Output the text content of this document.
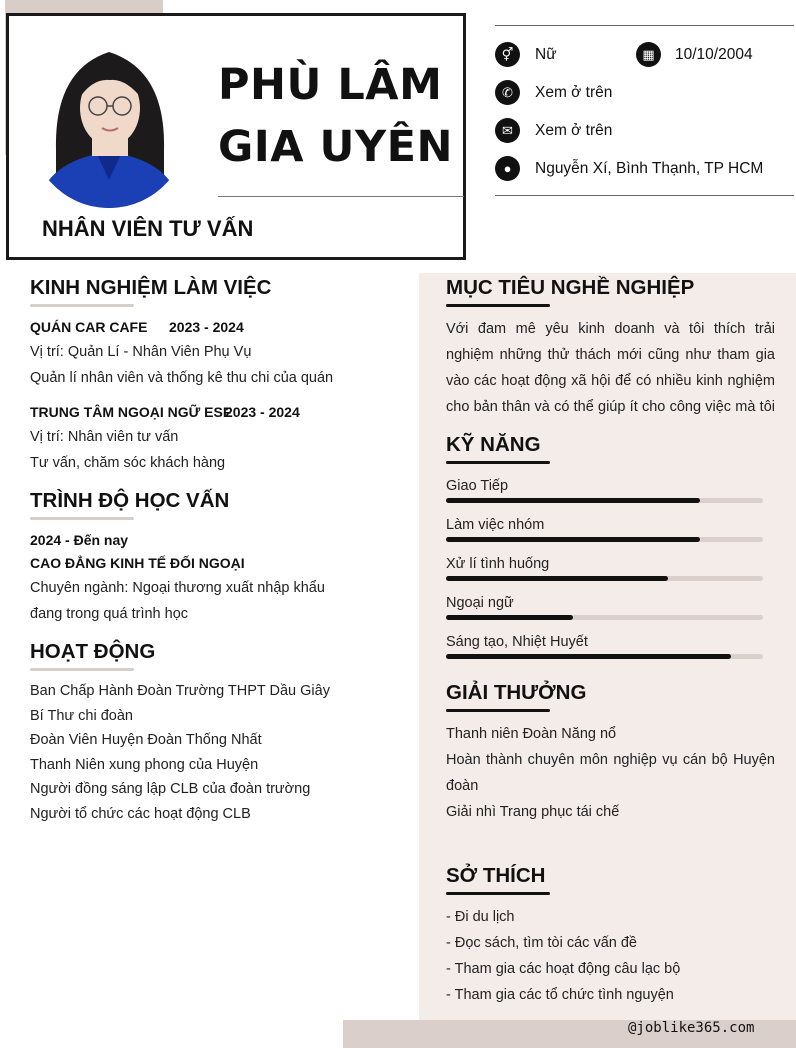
PHÙ LÂM
GIA UYÊN
NHÂN VIÊN TƯ VẤN
⚥	Nữ	▦	10/10/2004
✆	Xem ở trên
✉	Xem ở trên
●	Nguyễn Xí, Bình Thạnh, TP HCM
KINH NGHIỆM LÀM VIỆC
QUÁN CAR CAFE 2023 - 2024
Vị trí: Quản Lí - Nhân Viên Phụ Vụ
Quản lí nhân viên và thống kê thu chi của quán
TRUNG TÂM NGOẠI NGỮ ESF
2023 - 2024
Vị trí: Nhân viên tư vấn
Tư vấn, chăm sóc khách hàng
TRÌNH ĐỘ HỌC VẤN
2024 - Đến nay
CAO ĐẲNG KINH TẾ ĐỐI NGOẠI
Chuyên ngành: Ngoại thương xuất nhập khẩu
đang trong quá trình học
HOẠT ĐỘNG
Ban Chấp Hành Đoàn Trường THPT Dầu Giây
Bí Thư chi đoàn
Đoàn Viên Huyện Đoàn Thống Nhất
Thanh Niên xung phong của Huyện
Người đồng sáng lập CLB của đoàn trường
Người tổ chức các hoạt động CLB
MỤC TIÊU NGHỀ NGHIỆP
Với đam mê yêu kinh doanh và tôi thích trải nghiệm những thử thách mới cũng như tham gia vào các hoạt động xã hội để có nhiều kinh nghiệm cho bản thân và có thể giúp ít cho công việc mà tôi
KỸ NĂNG
Giao Tiếp
Làm việc nhóm
Xử lí tình huống
Ngoại ngữ
Sáng tạo, Nhiệt Huyết
GIẢI THƯỞNG
Thanh niên Đoàn Năng nổ
Hoàn thành chuyên môn nghiệp vụ cán bộ Huyện đoàn
Giải nhì Trang phục tái chế
SỞ THÍCH
- Đi du lịch
- Đọc sách, tìm tòi các vấn đề
- Tham gia các hoạt động câu lạc bộ
- Tham gia các tổ chức tình nguyện
@joblike365.com
